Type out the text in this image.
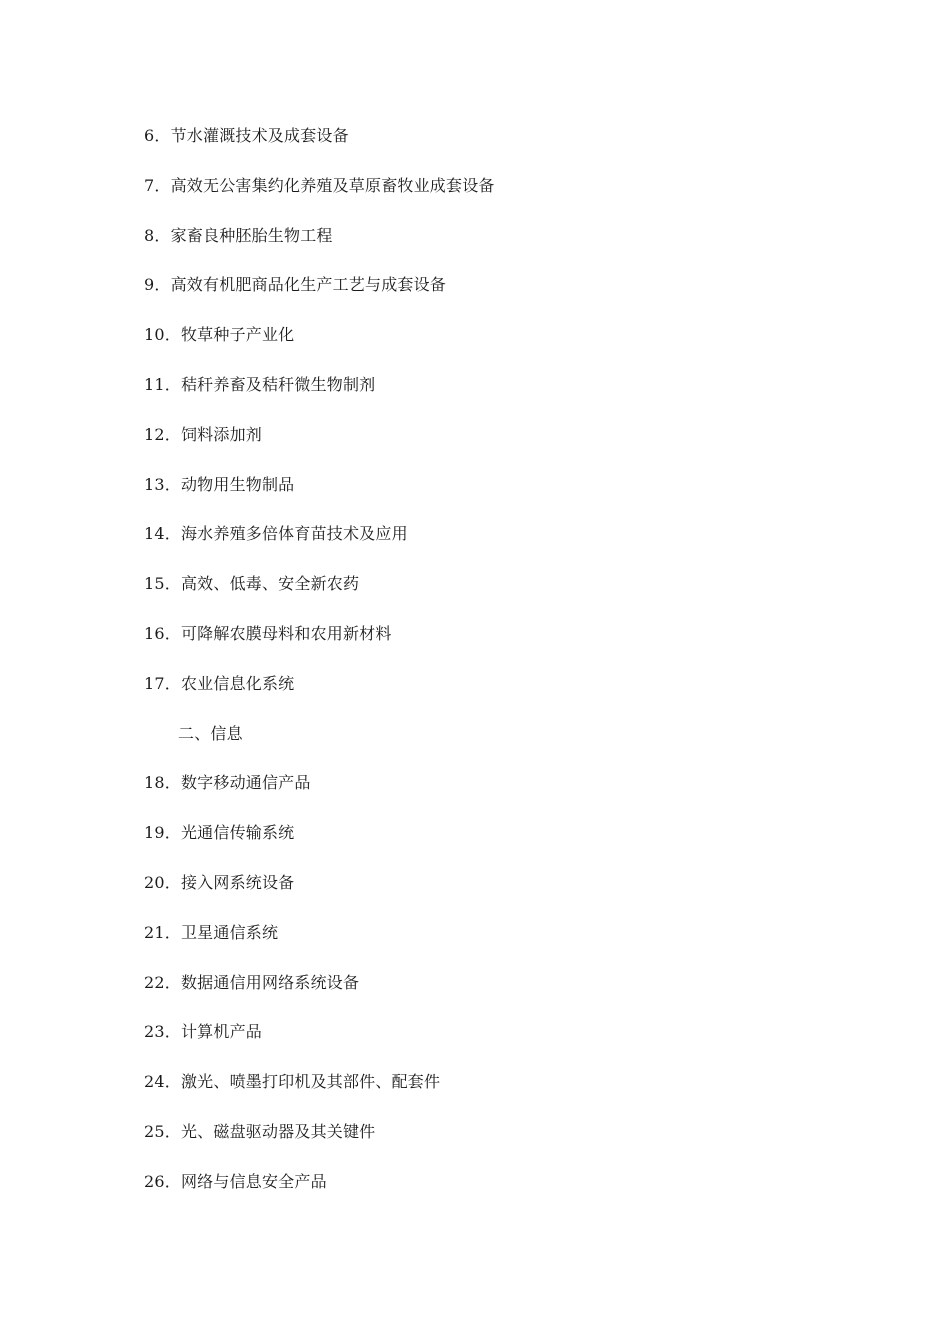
6．节水灌溉技术及成套设备
7．高效无公害集约化养殖及草原畜牧业成套设备
8．家畜良种胚胎生物工程
9．高效有机肥商品化生产工艺与成套设备
10．牧草种子产业化
11．秸秆养畜及秸秆微生物制剂
12．饲料添加剂
13．动物用生物制品
14．海水养殖多倍体育苗技术及应用
15．高效、低毒、安全新农药
16．可降解农膜母料和农用新材料
17．农业信息化系统
二、信息
18．数字移动通信产品
19．光通信传输系统
20．接入网系统设备
21．卫星通信系统
22．数据通信用网络系统设备
23．计算机产品
24．激光、喷墨打印机及其部件、配套件
25．光、磁盘驱动器及其关键件
26．网络与信息安全产品
